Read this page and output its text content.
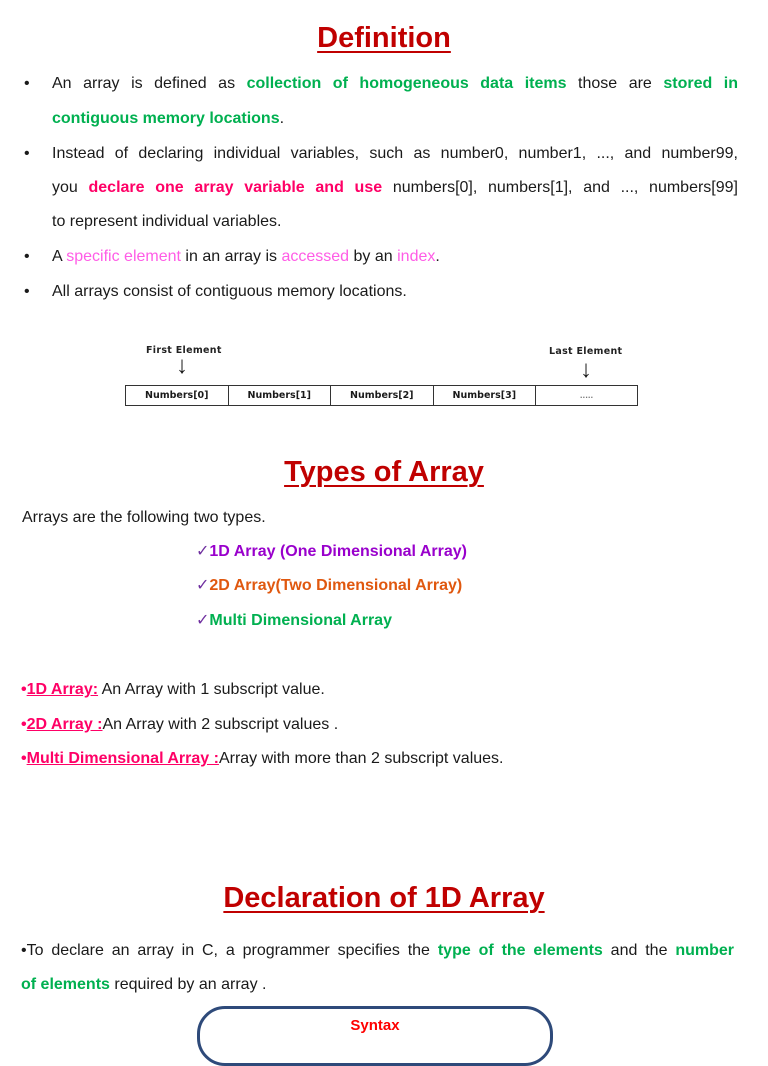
Definition
• An array is defined as collection of homogeneous data items those are stored in
contiguous memory locations.
• Instead of declaring individual variables, such as number0, number1, ..., and number99,
you declare one array variable and use numbers[0], numbers[1], and ..., numbers[99]
to represent individual variables.
• A specific element in an array is accessed by an index.
• All arrays consist of contiguous memory locations.
First Element
↓
Last Element
↓
Numbers[0]	Numbers[1]	Numbers[2]	Numbers[3]	.....
Types of Array
Arrays are the following two types.
✓1D Array (One Dimensional Array)
✓2D Array(Two Dimensional Array)
✓Multi Dimensional Array
•1D Array: An Array with 1 subscript value.
•2D Array :An Array with 2 subscript values .
•Multi Dimensional Array :Array with more than 2 subscript values.
Declaration of 1D Array
•To declare an array in C, a programmer specifies the type of the elements and the number
of elements required by an array .
Syntax
